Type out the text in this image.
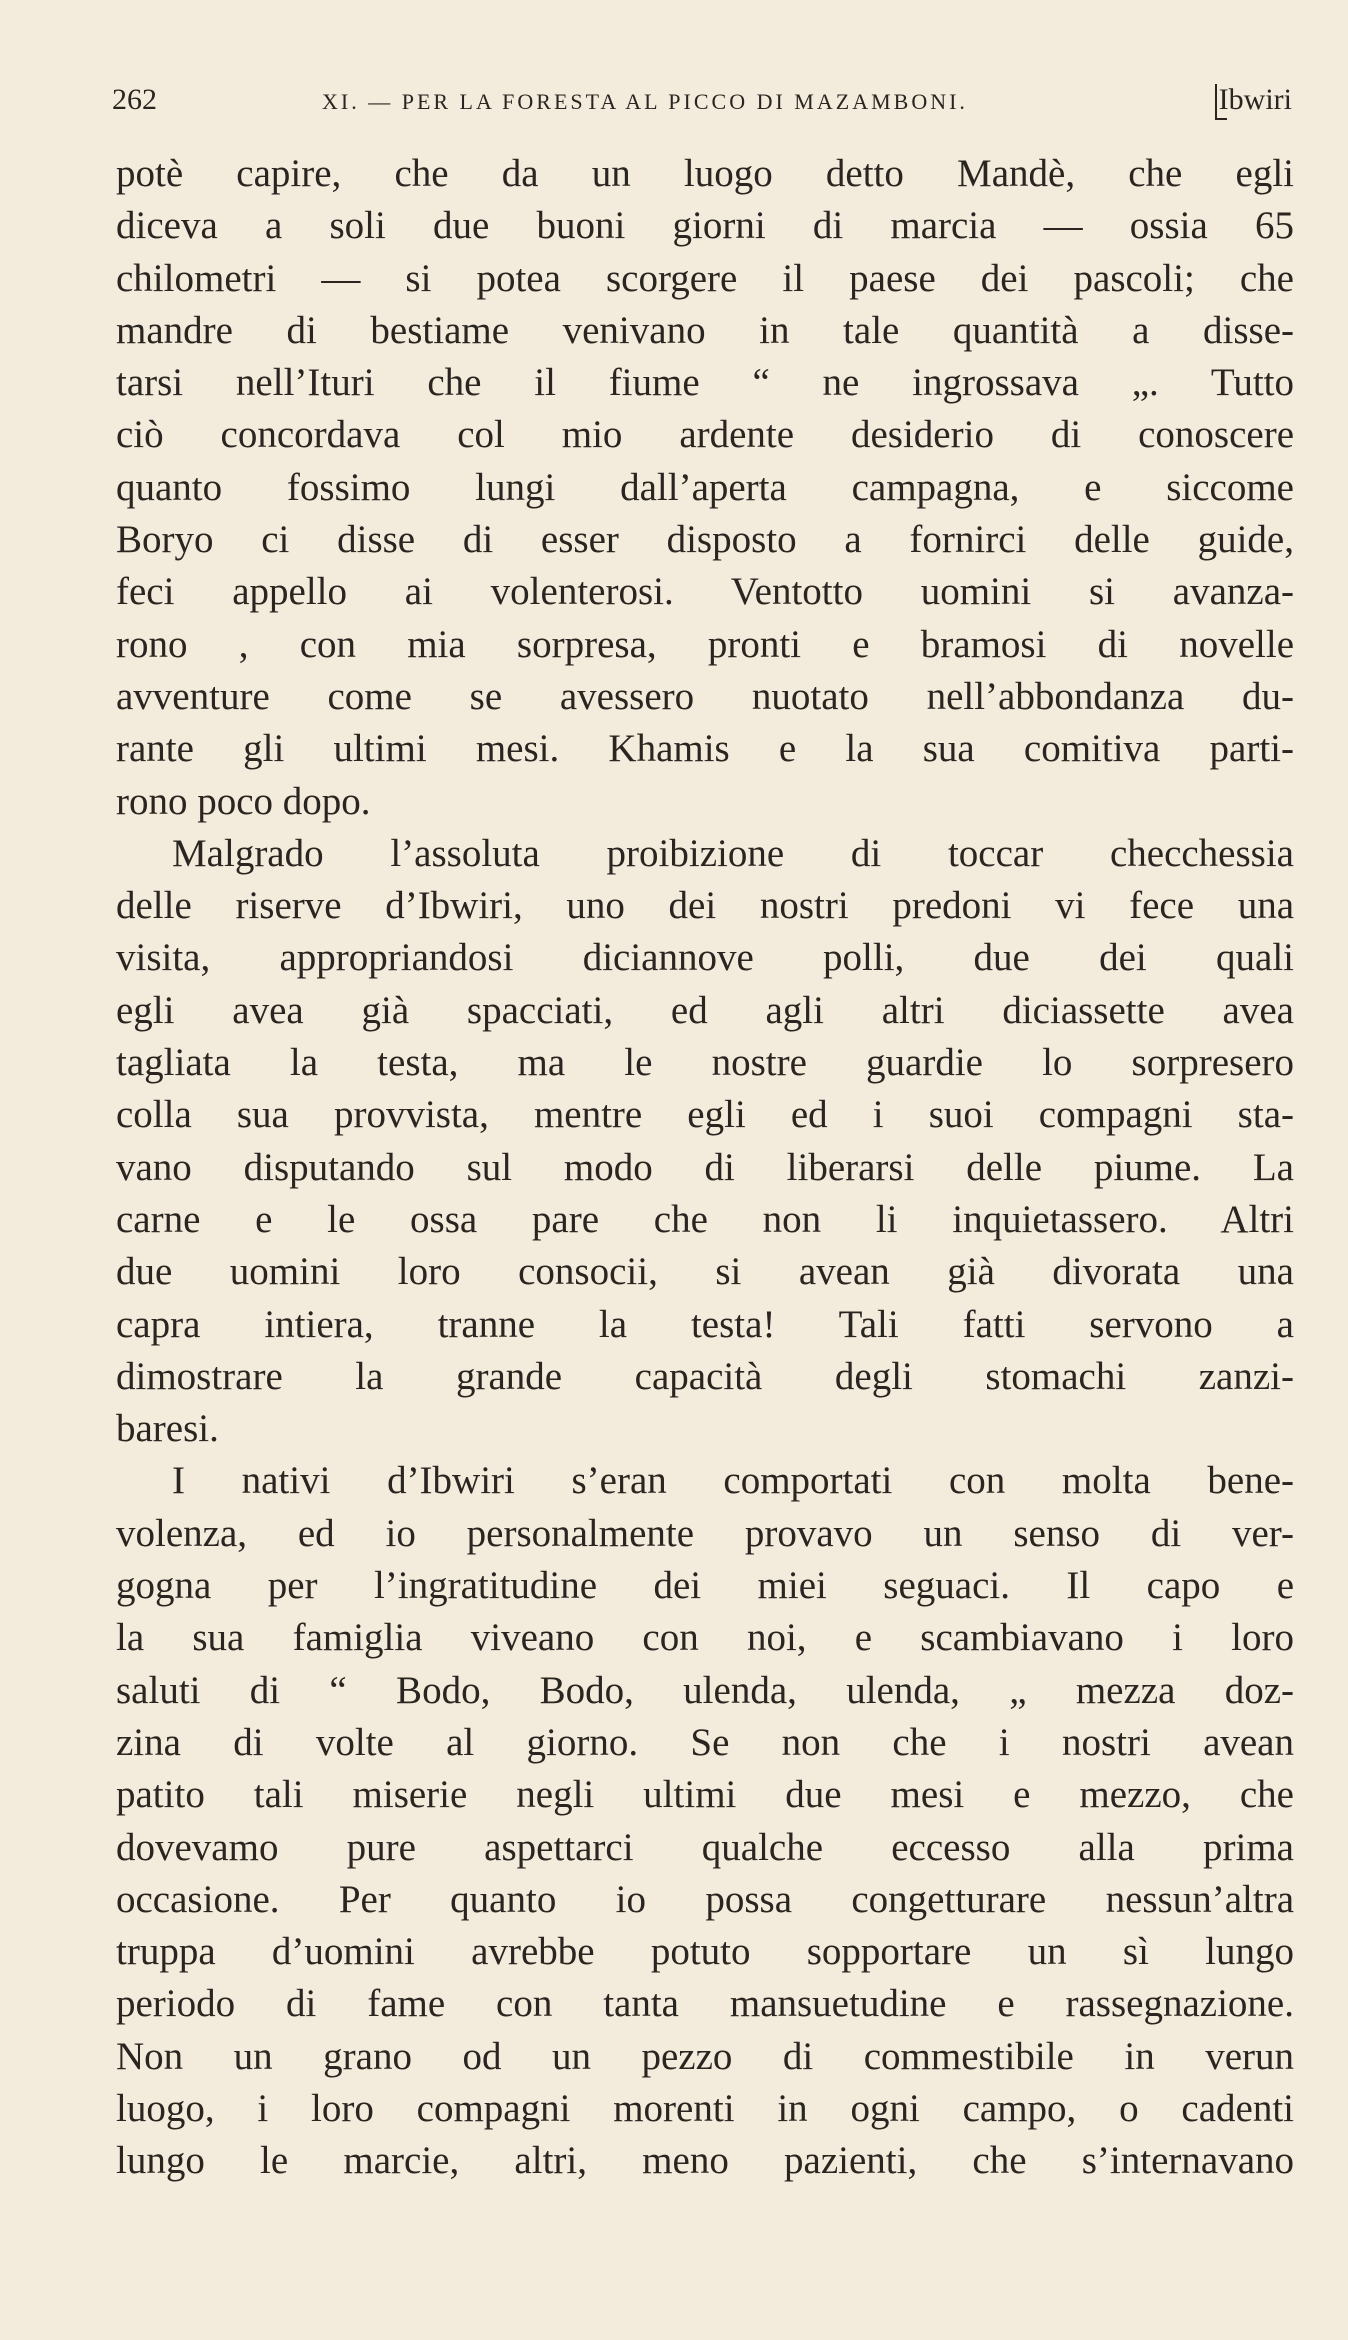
262	XI. — PER LA FORESTA AL PICCO DI MAZAMBONI.	Ibwiri
potè capire, che da un luogo detto Mandè, che egli
diceva a soli due buoni giorni di marcia — ossia 65
chilometri — si potea scorgere il paese dei pascoli; che
mandre di bestiame venivano in tale quantità a disse-
tarsi nell’Ituri che il fiume “ ne ingrossava „. Tutto
ciò concordava col mio ardente desiderio di conoscere
quanto fossimo lungi dall’aperta campagna, e siccome
Boryo ci disse di esser disposto a fornirci delle guide,
feci appello ai volenterosi. Ventotto uomini si avanza-
rono , con mia sorpresa, pronti e bramosi di novelle
avventure come se avessero nuotato nell’abbondanza du-
rante gli ultimi mesi. Khamis e la sua comitiva parti-
rono poco dopo.
Malgrado l’assoluta proibizione di toccar checchessia
delle riserve d’Ibwiri, uno dei nostri predoni vi fece una
visita, appropriandosi diciannove polli, due dei quali
egli avea già spacciati, ed agli altri diciassette avea
tagliata la testa, ma le nostre guardie lo sorpresero
colla sua provvista, mentre egli ed i suoi compagni sta-
vano disputando sul modo di liberarsi delle piume. La
carne e le ossa pare che non li inquietassero. Altri
due uomini loro consocii, si avean già divorata una
capra intiera, tranne la testa! Tali fatti servono a
dimostrare la grande capacità degli stomachi zanzi-
baresi.
I nativi d’Ibwiri s’eran comportati con molta bene-
volenza, ed io personalmente provavo un senso di ver-
gogna per l’ingratitudine dei miei seguaci. Il capo e
la sua famiglia viveano con noi, e scambiavano i loro
saluti di “ Bodo, Bodo, ulenda, ulenda, „ mezza doz-
zina di volte al giorno. Se non che i nostri avean
patito tali miserie negli ultimi due mesi e mezzo, che
dovevamo pure aspettarci qualche eccesso alla prima
occasione. Per quanto io possa congetturare nessun’altra
truppa d’uomini avrebbe potuto sopportare un sì lungo
periodo di fame con tanta mansuetudine e rassegnazione.
Non un grano od un pezzo di commestibile in verun
luogo, i loro compagni morenti in ogni campo, o cadenti
lungo le marcie, altri, meno pazienti, che s’internavano
